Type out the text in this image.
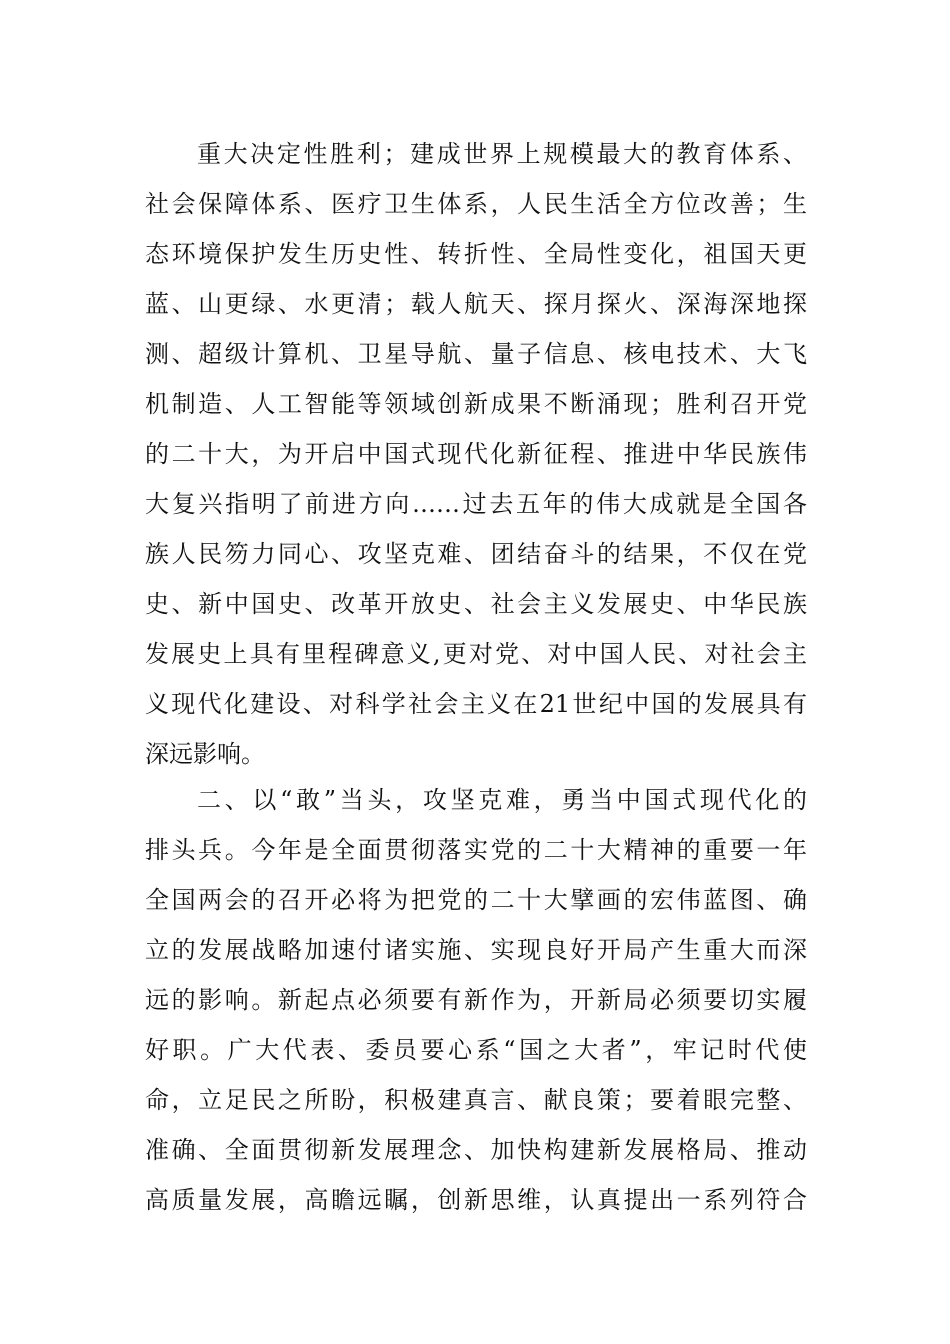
重大决定性胜利；建成世界上规模最大的教育体系、
社会保障体系、医疗卫生体系，人民生活全方位改善；生
态环境保护发生历史性、转折性、全局性变化，祖国天更
蓝、山更绿、水更清；载人航天、探月探火、深海深地探
测、超级计算机、卫星导航、量子信息、核电技术、大飞
机制造、人工智能等领域创新成果不断涌现；胜利召开党
的二十大，为开启中国式现代化新征程、推进中华民族伟
大复兴指明了前进方向……过去五年的伟大成就是全国各
族人民笏力同心、攻坚克难、团结奋斗的结果，不仅在党
史、新中国史、改革开放史、社会主义发展史、中华民族
发展史上具有里程碑意义,更对党、对中国人民、对社会主
义现代化建设、对科学社会主义在21世纪中国的发展具有
深远影响。
二、以“敢”当头，攻坚克难，勇当中国式现代化的
排头兵。今年是全面贯彻落实党的二十大精神的重要一年
全国两会的召开必将为把党的二十大擘画的宏伟蓝图、确
立的发展战略加速付诸实施、实现良好开局产生重大而深
远的影响。新起点必须要有新作为，开新局必须要切实履
好职。广大代表、委员要心系“国之大者”，牢记时代使
命，立足民之所盼，积极建真言、献良策；要着眼完整、
准确、全面贯彻新发展理念、加快构建新发展格局、推动
高质量发展，高瞻远瞩，创新思维，认真提出一系列符合
